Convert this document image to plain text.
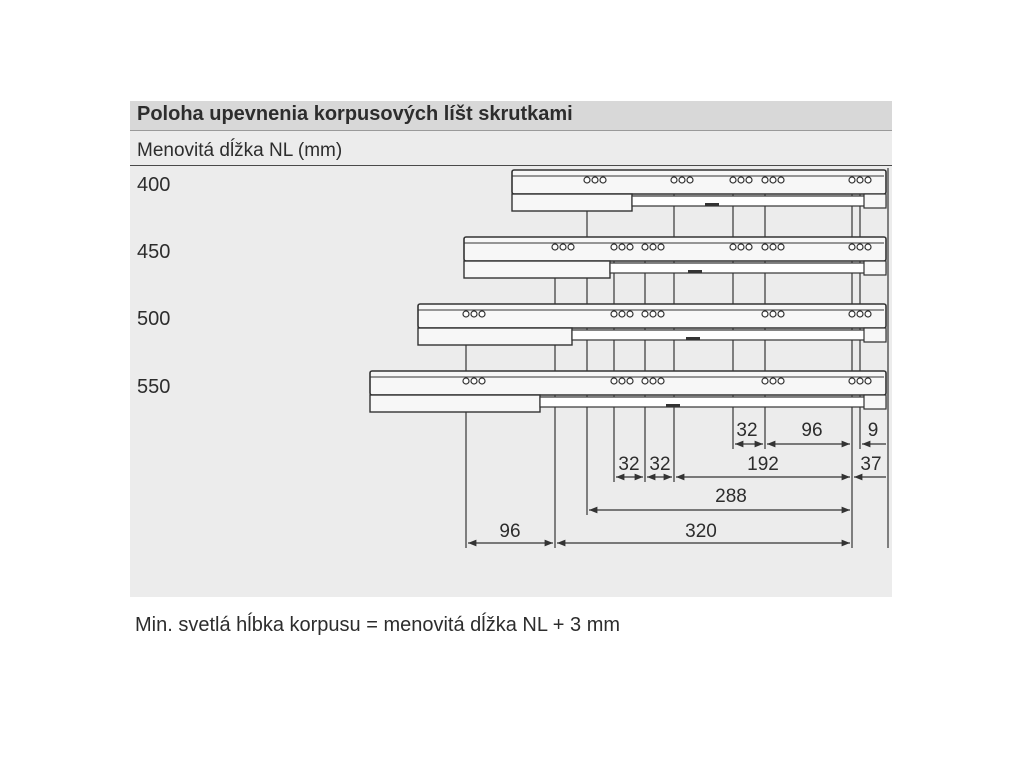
Poloha upevnenia korpusových líšt skrutkami
Menovitá dĺžka NL (mm)
400
450
500
550
32 96 9
32 32	192	37
288
96	320
Min. svetlá hĺbka korpusu = menovitá dĺžka NL + 3 mm
